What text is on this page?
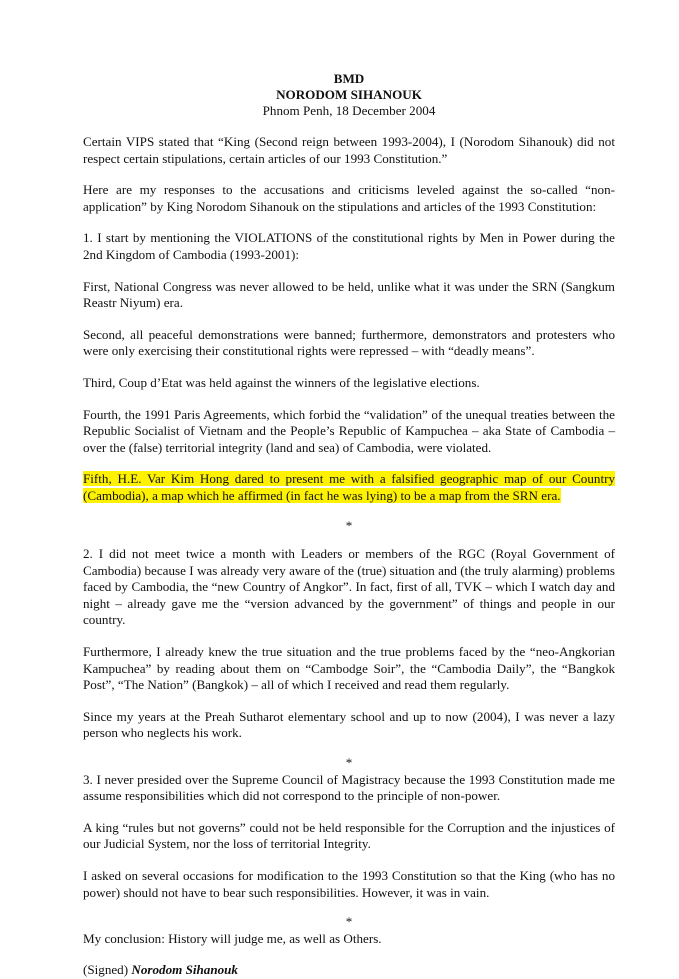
BMD
NORODOM SIHANOUK
Phnom Penh, 18 December 2004

Certain VIPS stated that “King (Second reign between 1993-2004), I (Norodom Sihanouk) did not respect certain stipulations, certain articles of our 1993 Constitution.”

Here are my responses to the accusations and criticisms leveled against the so-called “non-application” by King Norodom Sihanouk on the stipulations and articles of the 1993 Constitution:

1. I start by mentioning the VIOLATIONS of the constitutional rights by Men in Power during the 2nd Kingdom of Cambodia (1993-2001):

First, National Congress was never allowed to be held, unlike what it was under the SRN (Sangkum Reastr Niyum) era.

Second, all peaceful demonstrations were banned; furthermore, demonstrators and protesters who were only exercising their constitutional rights were repressed – with “deadly means”.

Third, Coup d’Etat was held against the winners of the legislative elections.

Fourth, the 1991 Paris Agreements, which forbid the “validation” of the unequal treaties between the Republic Socialist of Vietnam and the People’s Republic of Kampuchea – aka State of Cambodia – over the (false) territorial integrity (land and sea) of Cambodia, were violated.

Fifth, H.E. Var Kim Hong dared to present me with a falsified geographic map of our Country (Cambodia), a map which he affirmed (in fact he was lying) to be a map from the SRN era.

*

2. I did not meet twice a month with Leaders or members of the RGC (Royal Government of Cambodia) because I was already very aware of the (true) situation and (the truly alarming) problems faced by Cambodia, the “new Country of Angkor”. In fact, first of all, TVK – which I watch day and night – already gave me the “version advanced by the government” of things and people in our country.

Furthermore, I already knew the true situation and the true problems faced by the “neo-Angkorian Kampuchea” by reading about them on “Cambodge Soir”, the “Cambodia Daily”, the “Bangkok Post”, “The Nation” (Bangkok) – all of which I received and read them regularly.

Since my years at the Preah Sutharot elementary school and up to now (2004), I was never a lazy person who neglects his work.

*

3. I never presided over the Supreme Council of Magistracy because the 1993 Constitution made me assume responsibilities which did not correspond to the principle of non-power.

A king “rules but not governs” could not be held responsible for the Corruption and the injustices of our Judicial System, nor the loss of territorial Integrity.

I asked on several occasions for modification to the 1993 Constitution so that the King (who has no power) should not have to bear such responsibilities. However, it was in vain.

*

My conclusion: History will judge me, as well as Others.

(Signed) Norodom Sihanouk
